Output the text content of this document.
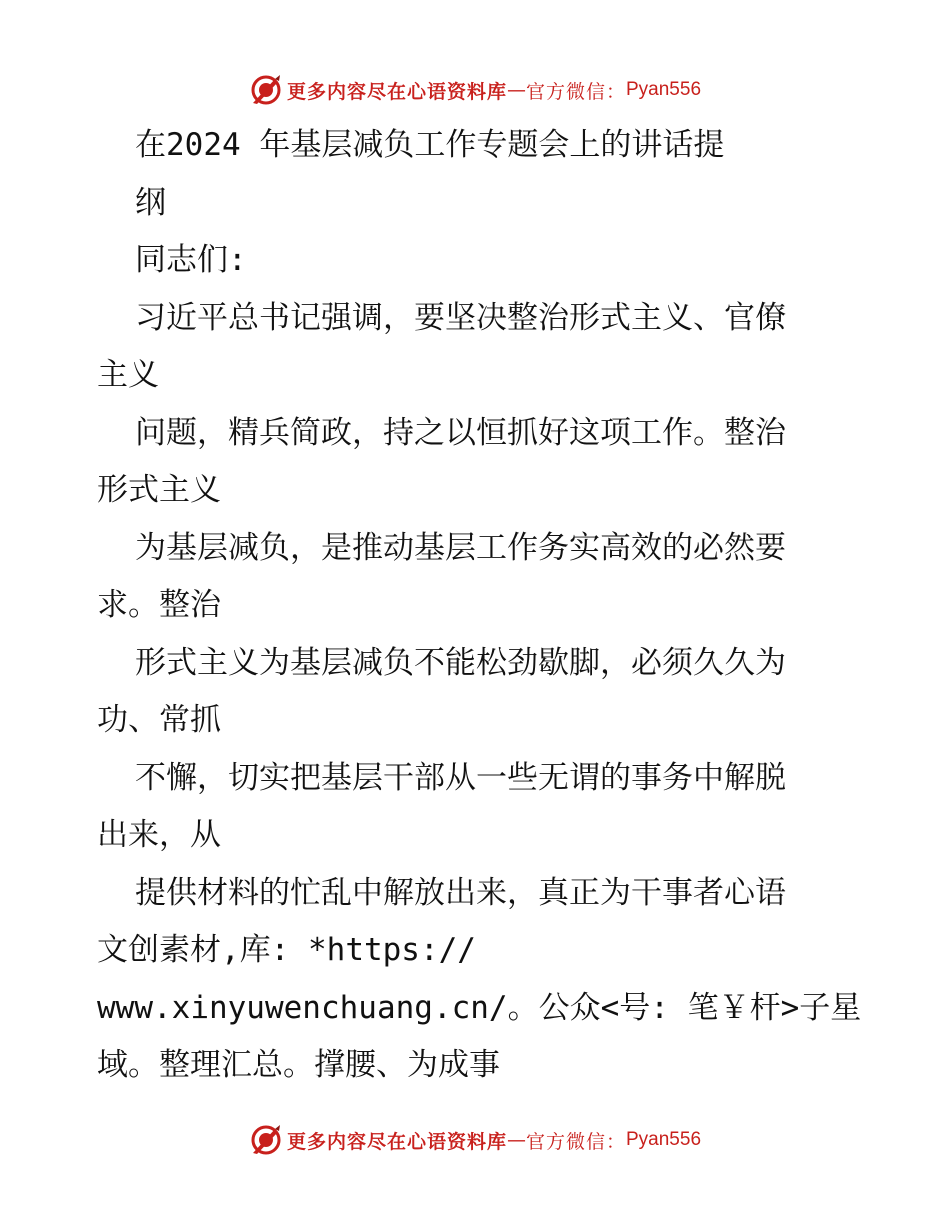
更多内容尽在心语资料库 — 官方微信： Pyan556
在2024 年基层减负工作专题会上的讲话提
纲
同志们:
习近平总书记强调，要坚决整治形式主义、官僚
主义
问题，精兵简政，持之以恒抓好这项工作。整治
形式主义
为基层减负，是推动基层工作务实高效的必然要
求。整治
形式主义为基层减负不能松劲歇脚，必须久久为
功、常抓
不懈，切实把基层干部从一些无谓的事务中解脱
出来，从
提供材料的忙乱中解放出来，真正为干事者心语
文创素材,库: *https://
www.xinyuwenchuang.cn/。公众<号: 笔￥杆>子星
域。整理汇总。撑腰、为成事
更多内容尽在心语资料库 — 官方微信： Pyan556
